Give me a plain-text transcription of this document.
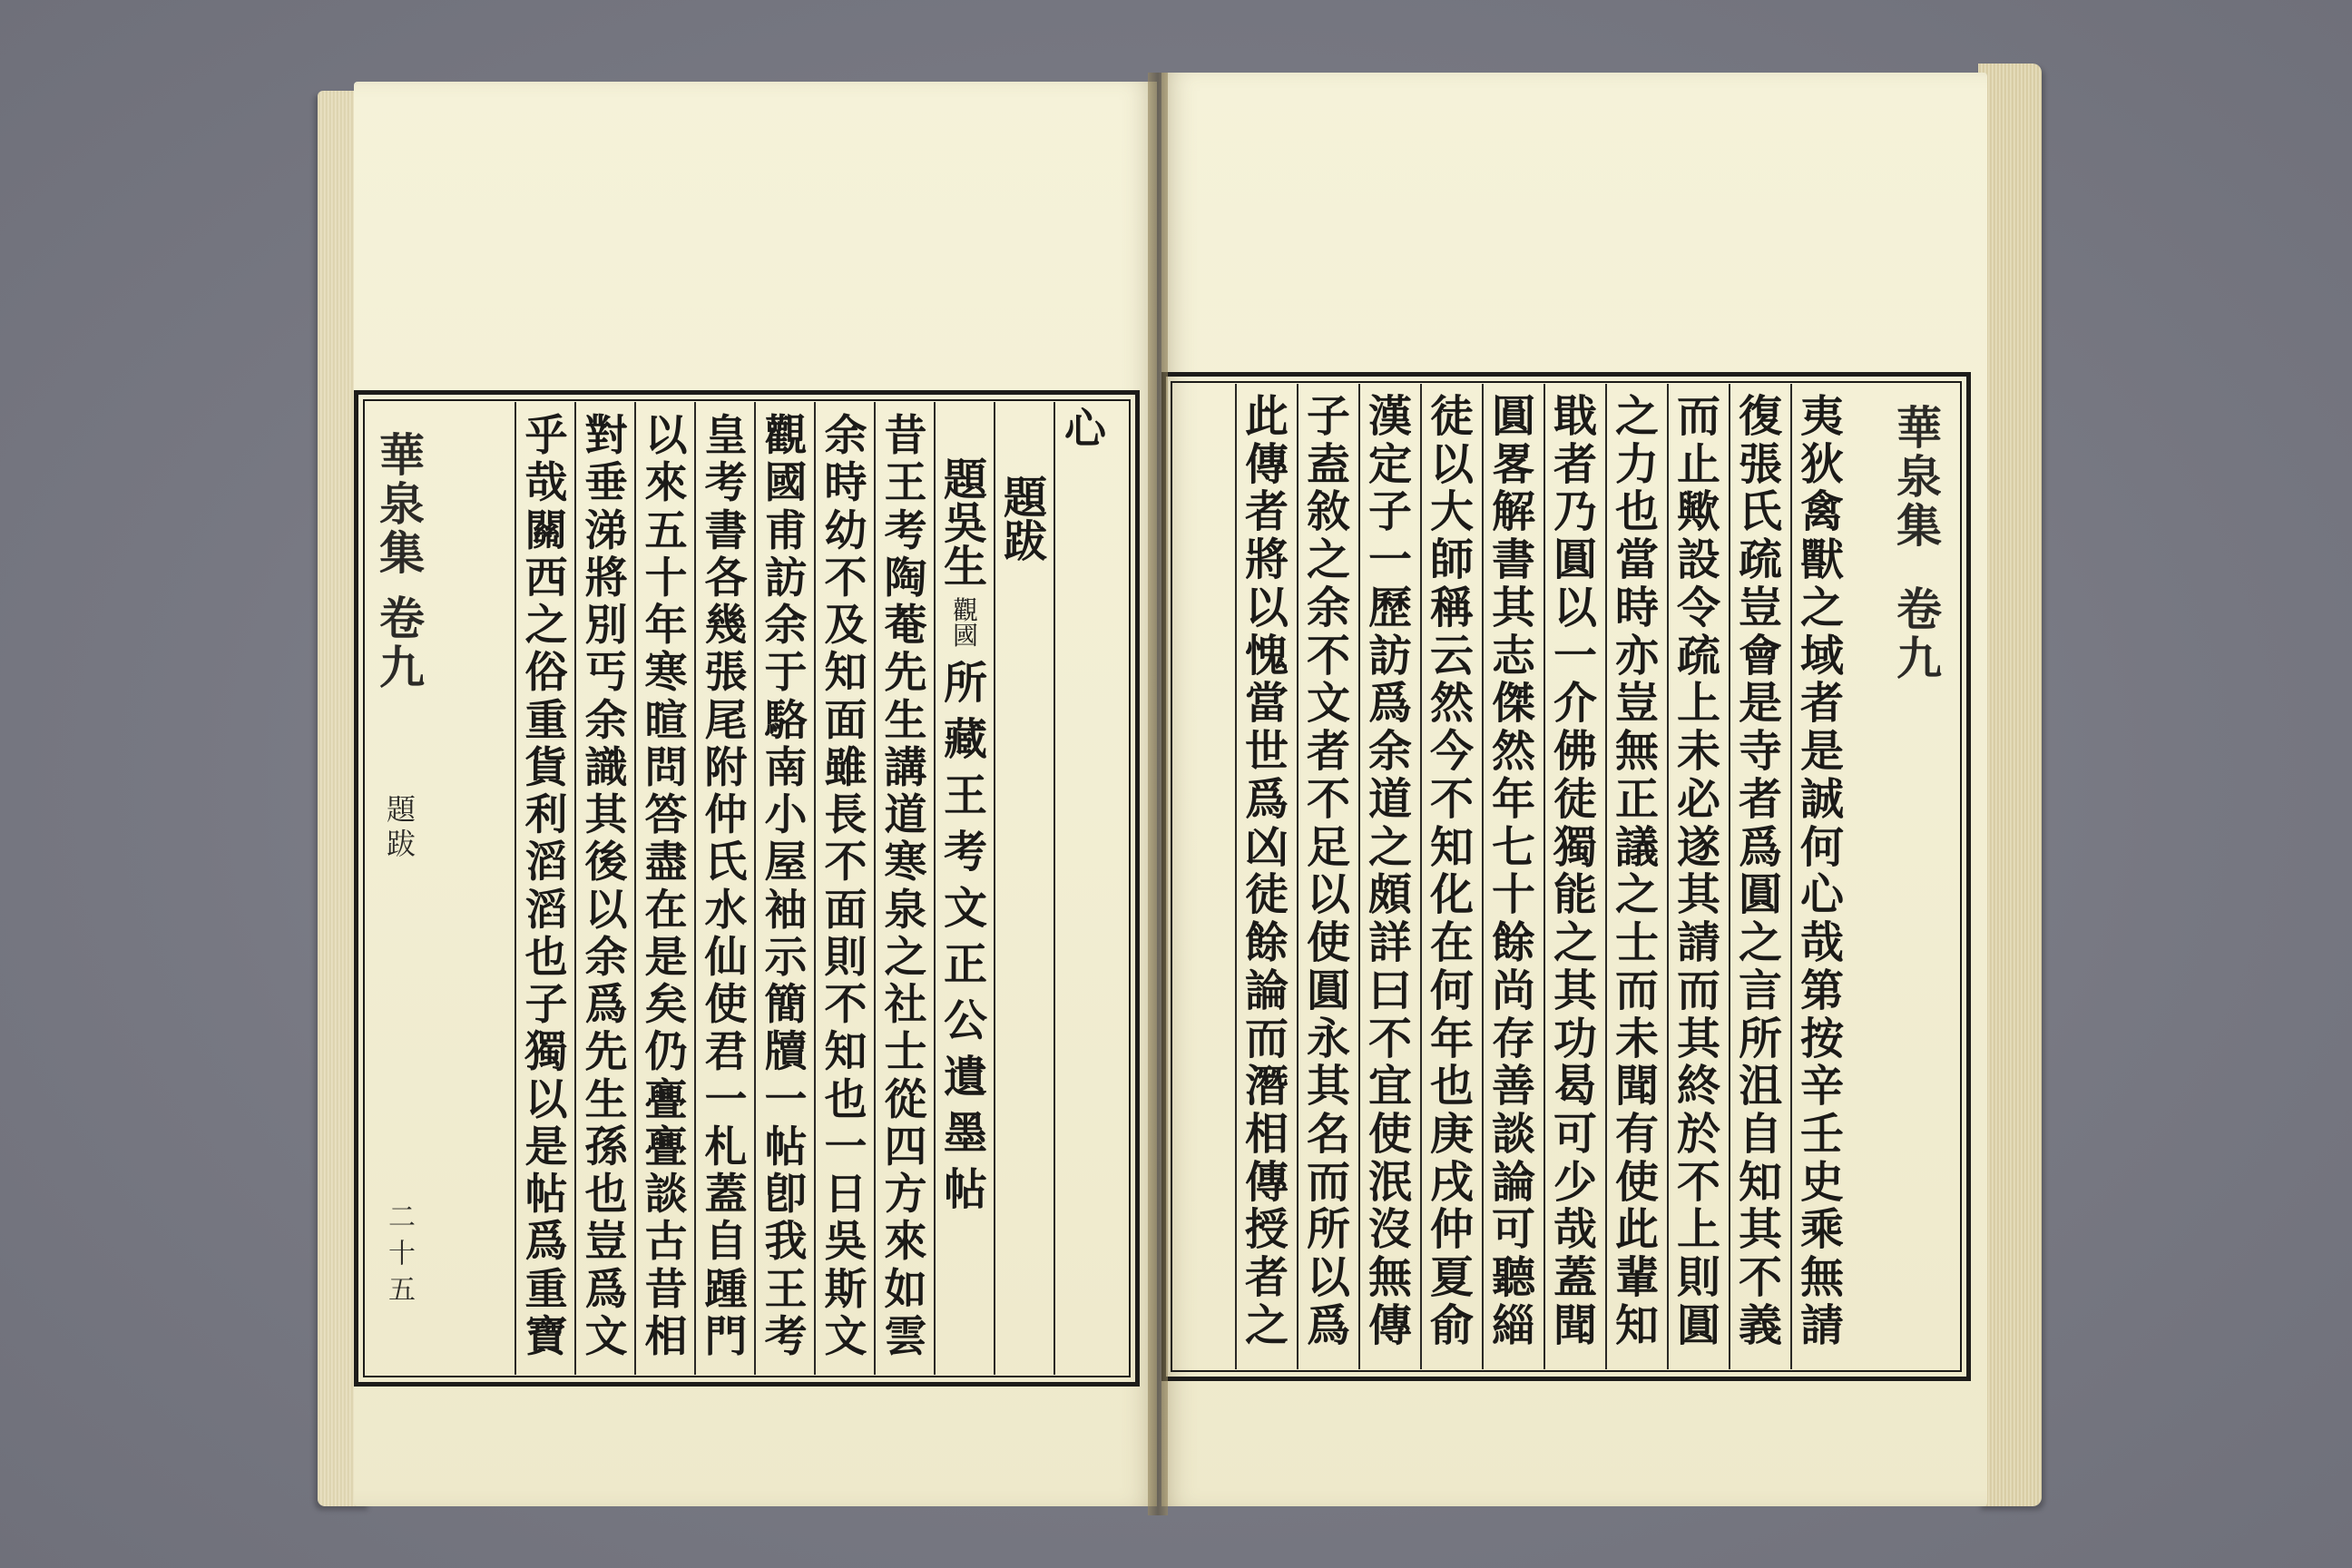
心
題
跋
題
吳
生
觀
國
所
藏
王
考
文
正
公
遺
墨
帖
昔
王
考
陶
菴
先
生
講
道
寒
泉
之
社
士
從
四
方
來
如
雲
余
時
幼
不
及
知
面
雖
長
不
面
則
不
知
也
一
日
吳
斯
文
觀
國
甫
訪
余
于
駱
南
小
屋
袖
示
簡
牘
一
帖
卽
我
王
考
皇
考
書
各
幾
張
尾
附
仲
氏
水
仙
使
君
一
札
蓋
自
踵
門
以
來
五
十
年
寒
暄
問
答
盡
在
是
矣
仍
亹
亹
談
古
昔
相
對
垂
涕
將
別
丐
余
識
其
後
以
余
爲
先
生
孫
也
豈
爲
文
乎
哉
關
西
之
俗
重
貨
利
滔
滔
也
子
獨
以
是
帖
爲
重
寶
華泉集
卷九
題跋
二十五
夷
狄
禽
獸
之
域
者
是
誠
何
心
哉
第
按
辛
壬
史
乘
無
請
復
張
氏
疏
豈
會
是
寺
者
爲
圓
之
言
所
沮
自
知
其
不
義
而
止
歟
設
令
疏
上
未
必
遂
其
請
而
其
終
於
不
上
則
圓
之
力
也
當
時
亦
豈
無
正
議
之
士
而
未
聞
有
使
此
輩
知
戢
者
乃
圓
以
一
介
佛
徒
獨
能
之
其
功
曷
可
少
哉
蓋
聞
圓
畧
解
書
其
志
傑
然
年
七
十
餘
尚
存
善
談
論
可
聽
緇
徒
以
大
師
稱
云
然
今
不
知
化
在
何
年
也
庚
戌
仲
夏
俞
漢
定
子
一
歷
訪
爲
余
道
之
頗
詳
曰
不
宜
使
泯
沒
無
傳
子
盍
敘
之
余
不
文
者
不
足
以
使
圓
永
其
名
而
所
以
爲
此
傳
者
將
以
愧
當
世
爲
凶
徒
餘
論
而
潛
相
傳
授
者
之
華泉集
卷九
